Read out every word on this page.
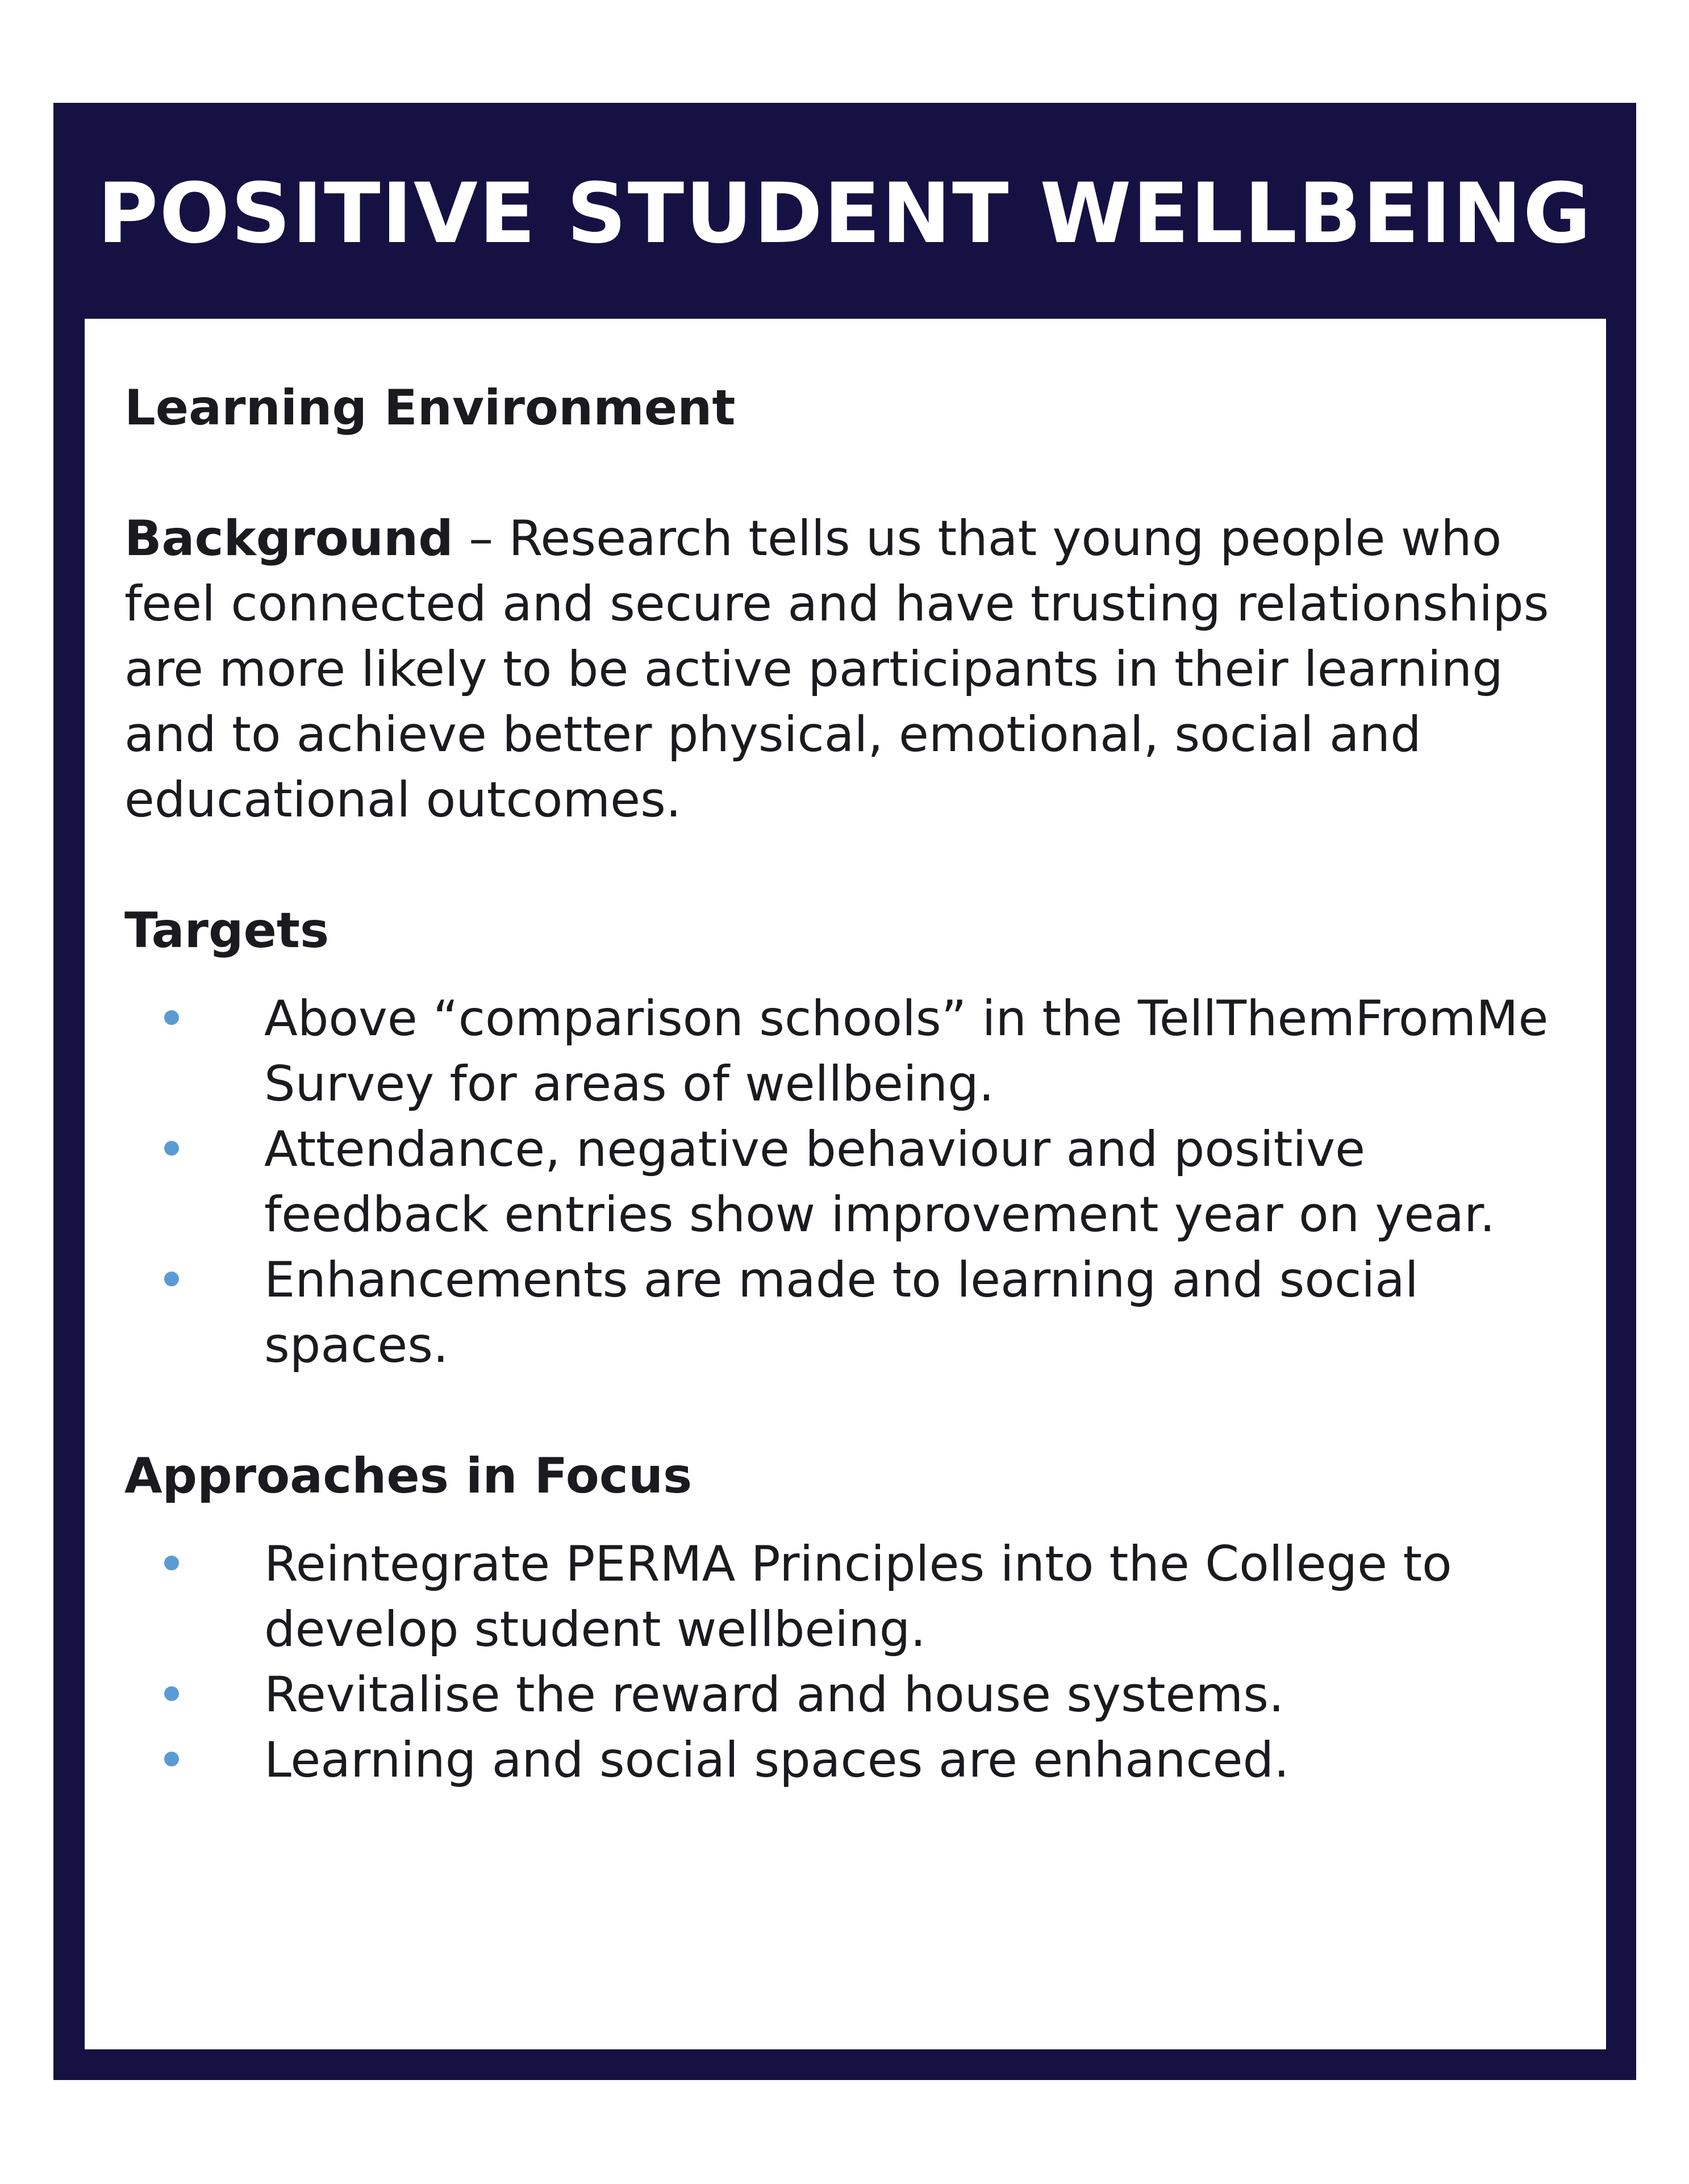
POSITIVE STUDENT WELLBEING

Learning Environment

Background – Research tells us that young people who feel connected and secure and have trusting relationships are more likely to be active participants in their learning and to achieve better physical, emotional, social and educational outcomes.

Targets

Above “comparison schools” in the TellThemFromMe Survey for areas of wellbeing.
Attendance, negative behaviour and positive feedback entries show improvement year on year.
Enhancements are made to learning and social spaces.

Approaches in Focus

Reintegrate PERMA Principles into the College to develop student wellbeing.
Revitalise the reward and house systems.
Learning and social spaces are enhanced.
